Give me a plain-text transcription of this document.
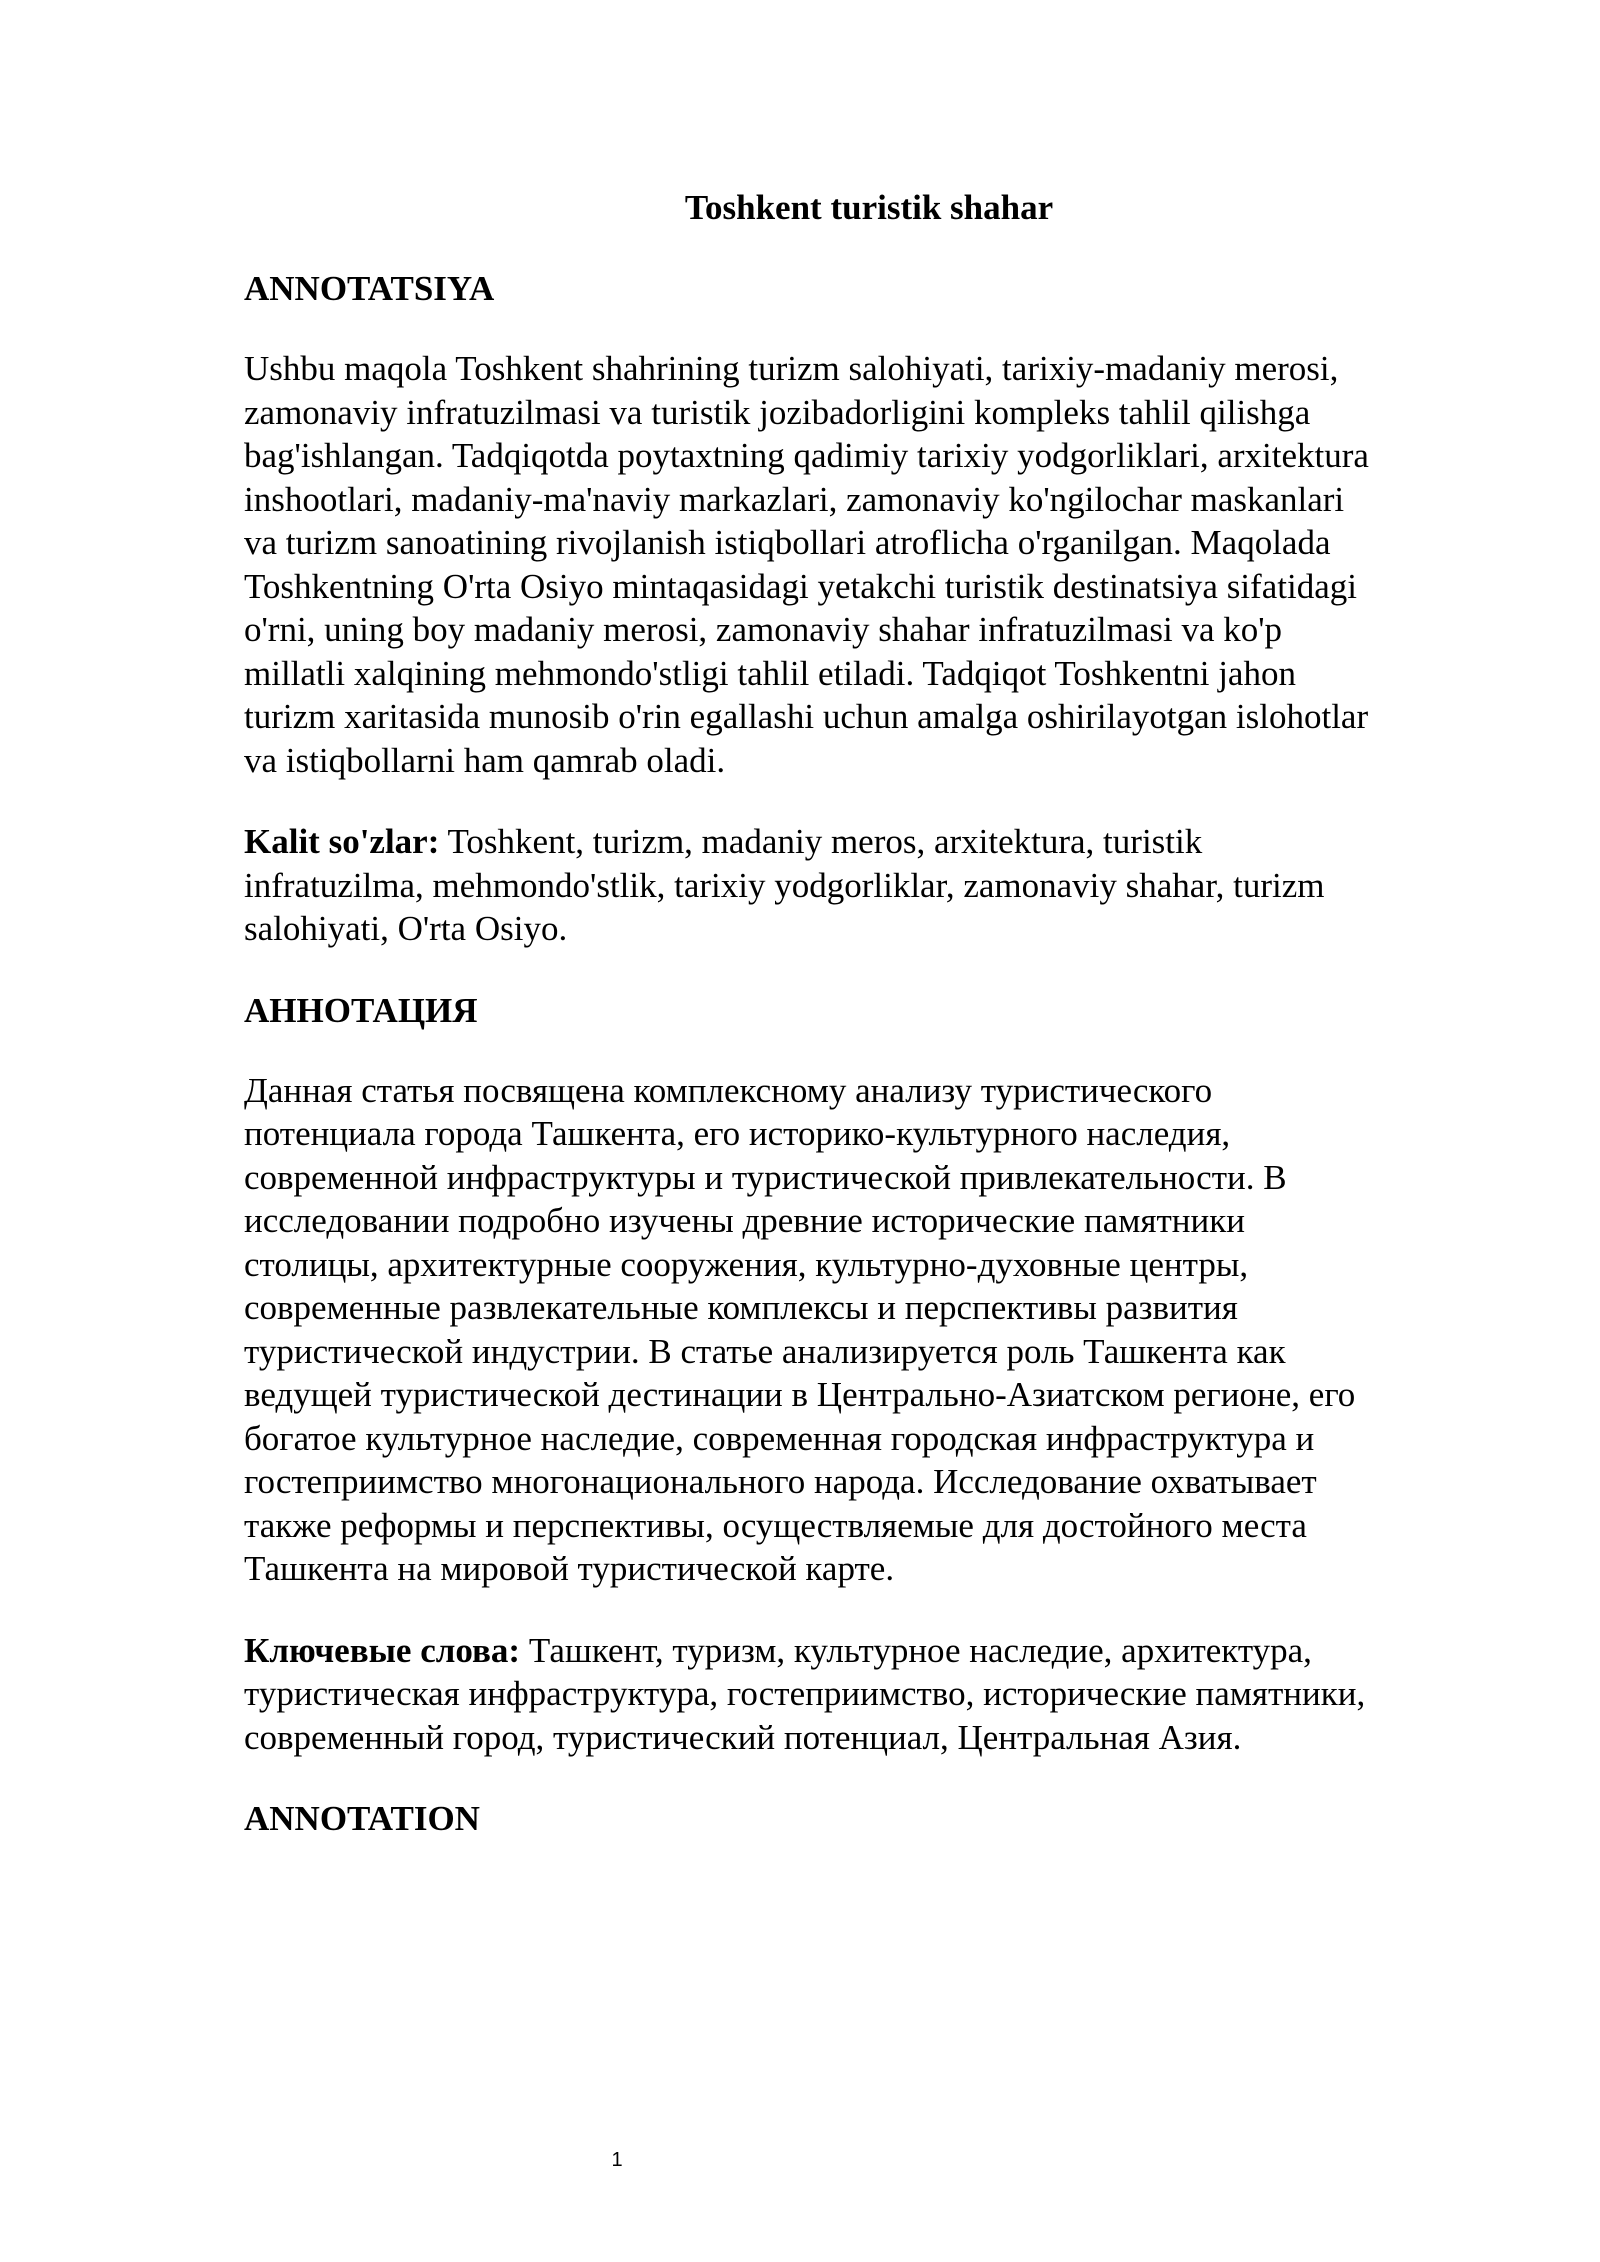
Toshkent turistik shahar
ANNOTATSIYA
Ushbu maqola Toshkent shahrining turizm salohiyati, tarixiy-madaniy merosi, zamonaviy infratuzilmasi va turistik jozibadorligini kompleks tahlil qilishga bag'ishlangan. Tadqiqotda poytaxtning qadimiy tarixiy yodgorliklari, arxitektura inshootlari, madaniy-ma'naviy markazlari, zamonaviy ko'ngilochar maskanlari va turizm sanoatining rivojlanish istiqbollari atroflicha o'rganilgan. Maqolada Toshkentning O'rta Osiyo mintaqasidagi yetakchi turistik destinatsiya sifatidagi o'rni, uning boy madaniy merosi, zamonaviy shahar infratuzilmasi va ko'p millatli xalqining mehmondo'stligi tahlil etiladi. Tadqiqot Toshkentni jahon turizm xaritasida munosib o'rin egallashi uchun amalga oshirilayotgan islohotlar va istiqbollarni ham qamrab oladi.
Kalit so'zlar: Toshkent, turizm, madaniy meros, arxitektura, turistik infratuzilma, mehmondo'stlik, tarixiy yodgorliklar, zamonaviy shahar, turizm salohiyati, O'rta Osiyo.
АННОТАЦИЯ
Данная статья посвящена комплексному анализу туристического потенциала города Ташкента, его историко-культурного наследия, современной инфраструктуры и туристической привлекательности. В исследовании подробно изучены древние исторические памятники столицы, архитектурные сооружения, культурно-духовные центры, современные развлекательные комплексы и перспективы развития туристической индустрии. В статье анализируется роль Ташкента как ведущей туристической дестинации в Центрально-Азиатском регионе, его богатое культурное наследие, современная городская инфраструктура и гостеприимство многонационального народа. Исследование охватывает также реформы и перспективы, осуществляемые для достойного места Ташкента на мировой туристической карте.
Ключевые слова: Ташкент, туризм, культурное наследие, архитектура, туристическая инфраструктура, гостеприимство, исторические памятники, современный город, туристический потенциал, Центральная Азия.
ANNOTATION
1
